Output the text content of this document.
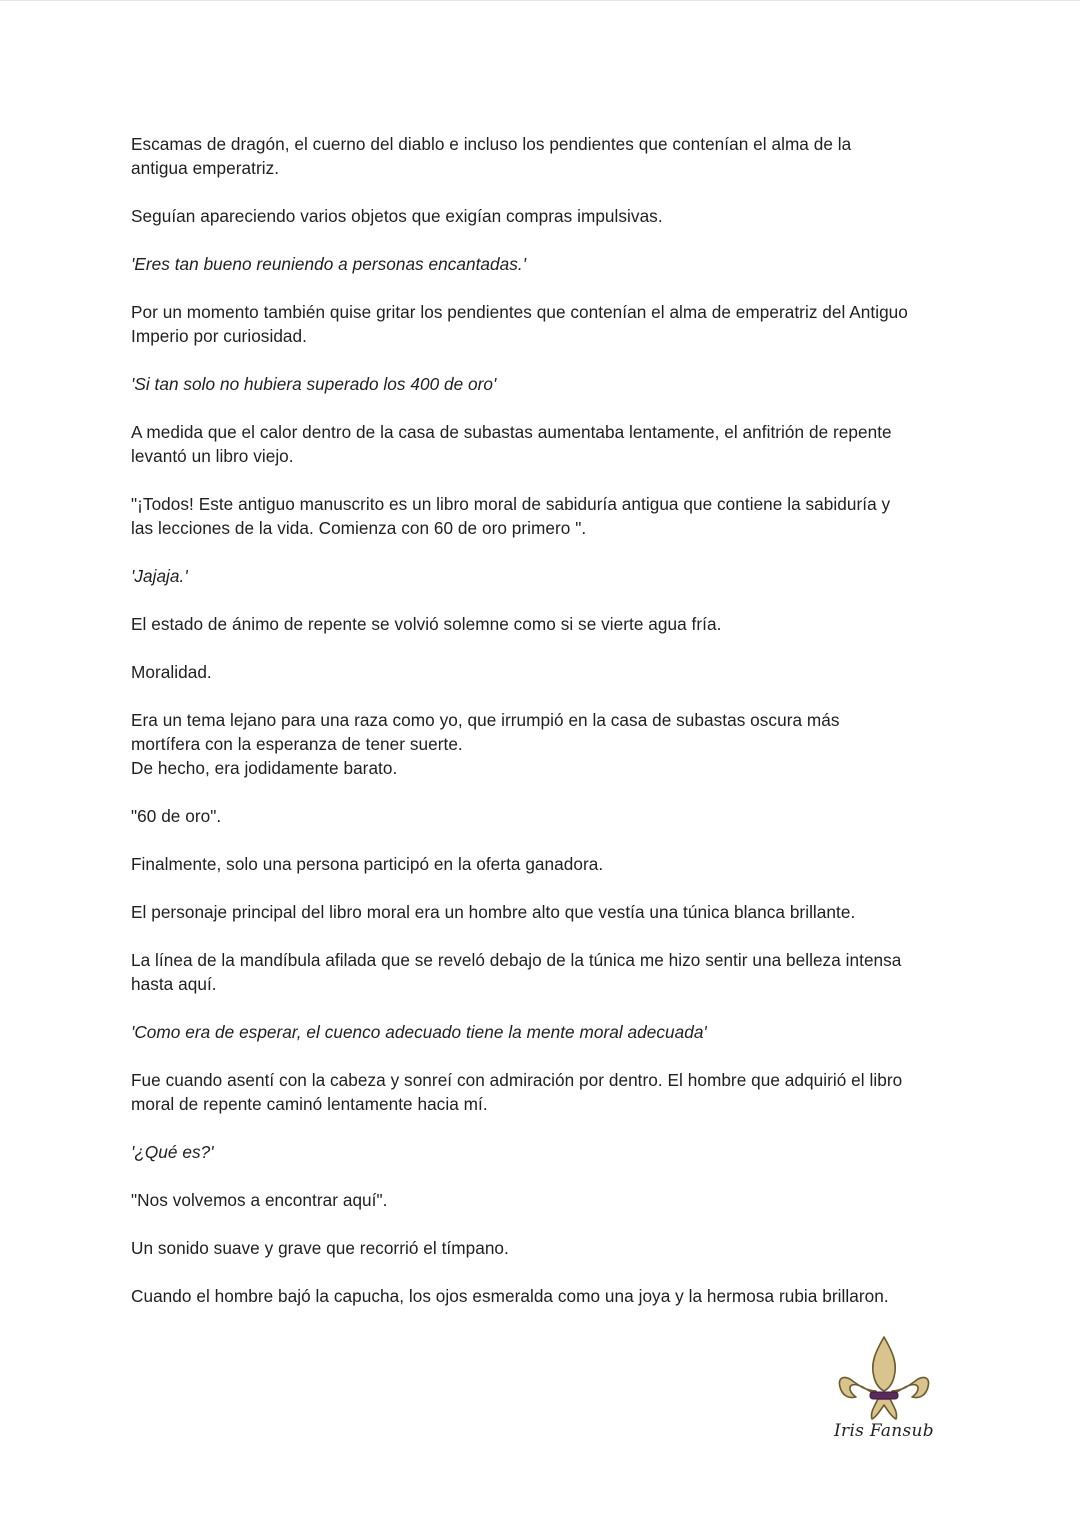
Escamas de dragón, el cuerno del diablo e incluso los pendientes que contenían el alma de la
antigua emperatriz.

Seguían apareciendo varios objetos que exigían compras impulsivas.

'Eres tan bueno reuniendo a personas encantadas.'

Por un momento también quise gritar los pendientes que contenían el alma de emperatriz del Antiguo
Imperio por curiosidad.

'Si tan solo no hubiera superado los 400 de oro'

A medida que el calor dentro de la casa de subastas aumentaba lentamente, el anfitrión de repente
levantó un libro viejo.

"¡Todos! Este antiguo manuscrito es un libro moral de sabiduría antigua que contiene la sabiduría y
las lecciones de la vida. Comienza con 60 de oro primero ".

'Jajaja.'

El estado de ánimo de repente se volvió solemne como si se vierte agua fría.

Moralidad.

Era un tema lejano para una raza como yo, que irrumpió en la casa de subastas oscura más
mortífera con la esperanza de tener suerte.
De hecho, era jodidamente barato.

"60 de oro".

Finalmente, solo una persona participó en la oferta ganadora.

El personaje principal del libro moral era un hombre alto que vestía una túnica blanca brillante.

La línea de la mandíbula afilada que se reveló debajo de la túnica me hizo sentir una belleza intensa
hasta aquí.

'Como era de esperar, el cuenco adecuado tiene la mente moral adecuada'

Fue cuando asentí con la cabeza y sonreí con admiración por dentro. El hombre que adquirió el libro
moral de repente caminó lentamente hacia mí.

'¿Qué es?'

"Nos volvemos a encontrar aquí".

Un sonido suave y grave que recorrió el tímpano.

Cuando el hombre bajó la capucha, los ojos esmeralda como una joya y la hermosa rubia brillaron.

Iris Fansub
